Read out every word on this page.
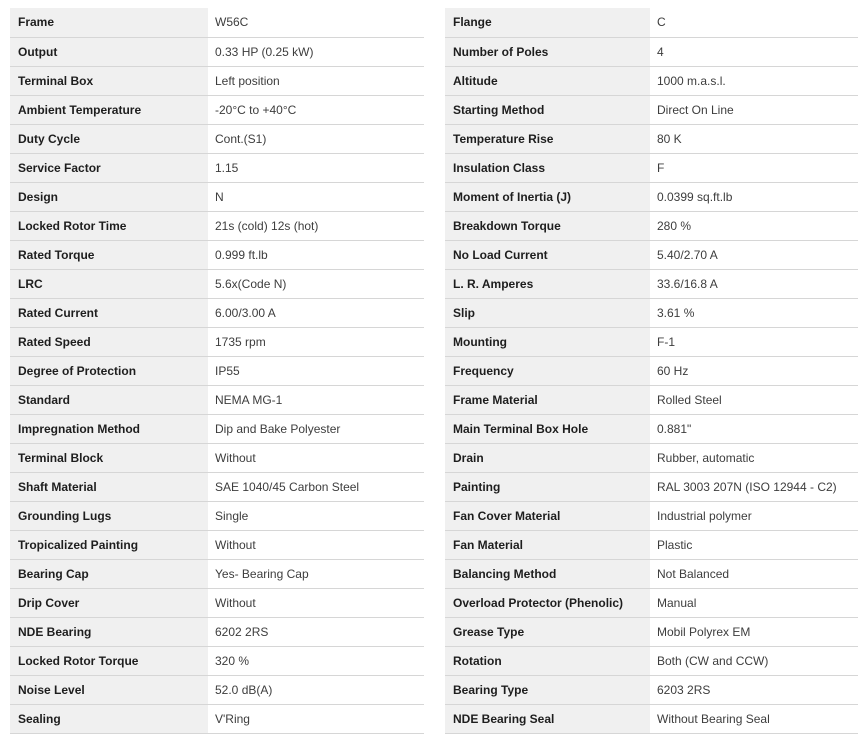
Frame	W56C
Output	0.33 HP (0.25 kW)
Terminal Box	Left position
Ambient Temperature	-20°C to +40°C
Duty Cycle	Cont.(S1)
Service Factor	1.15
Design	N
Locked Rotor Time	21s (cold) 12s (hot)
Rated Torque	0.999 ft.lb
LRC	5.6x(Code N)
Rated Current	6.00/3.00 A
Rated Speed	1735 rpm
Degree of Protection	IP55
Standard	NEMA MG-1
Impregnation Method	Dip and Bake Polyester
Terminal Block	Without
Shaft Material	SAE 1040/45 Carbon Steel
Grounding Lugs	Single
Tropicalized Painting	Without
Bearing Cap	Yes- Bearing Cap
Drip Cover	Without
NDE Bearing	6202 2RS
Locked Rotor Torque	320 %
Noise Level	52.0 dB(A)
Sealing	V'Ring
Flange	C
Number of Poles	4
Altitude	1000 m.a.s.l.
Starting Method	Direct On Line
Temperature Rise	80 K
Insulation Class	F
Moment of Inertia (J)	0.0399 sq.ft.lb
Breakdown Torque	280 %
No Load Current	5.40/2.70 A
L. R. Amperes	33.6/16.8 A
Slip	3.61 %
Mounting	F-1
Frequency	60 Hz
Frame Material	Rolled Steel
Main Terminal Box Hole	0.881"
Drain	Rubber, automatic
Painting	RAL 3003 207N (ISO 12944 - C2)
Fan Cover Material	Industrial polymer
Fan Material	Plastic
Balancing Method	Not Balanced
Overload Protector (Phenolic)	Manual
Grease Type	Mobil Polyrex EM
Rotation	Both (CW and CCW)
Bearing Type	6203 2RS
NDE Bearing Seal	Without Bearing Seal
